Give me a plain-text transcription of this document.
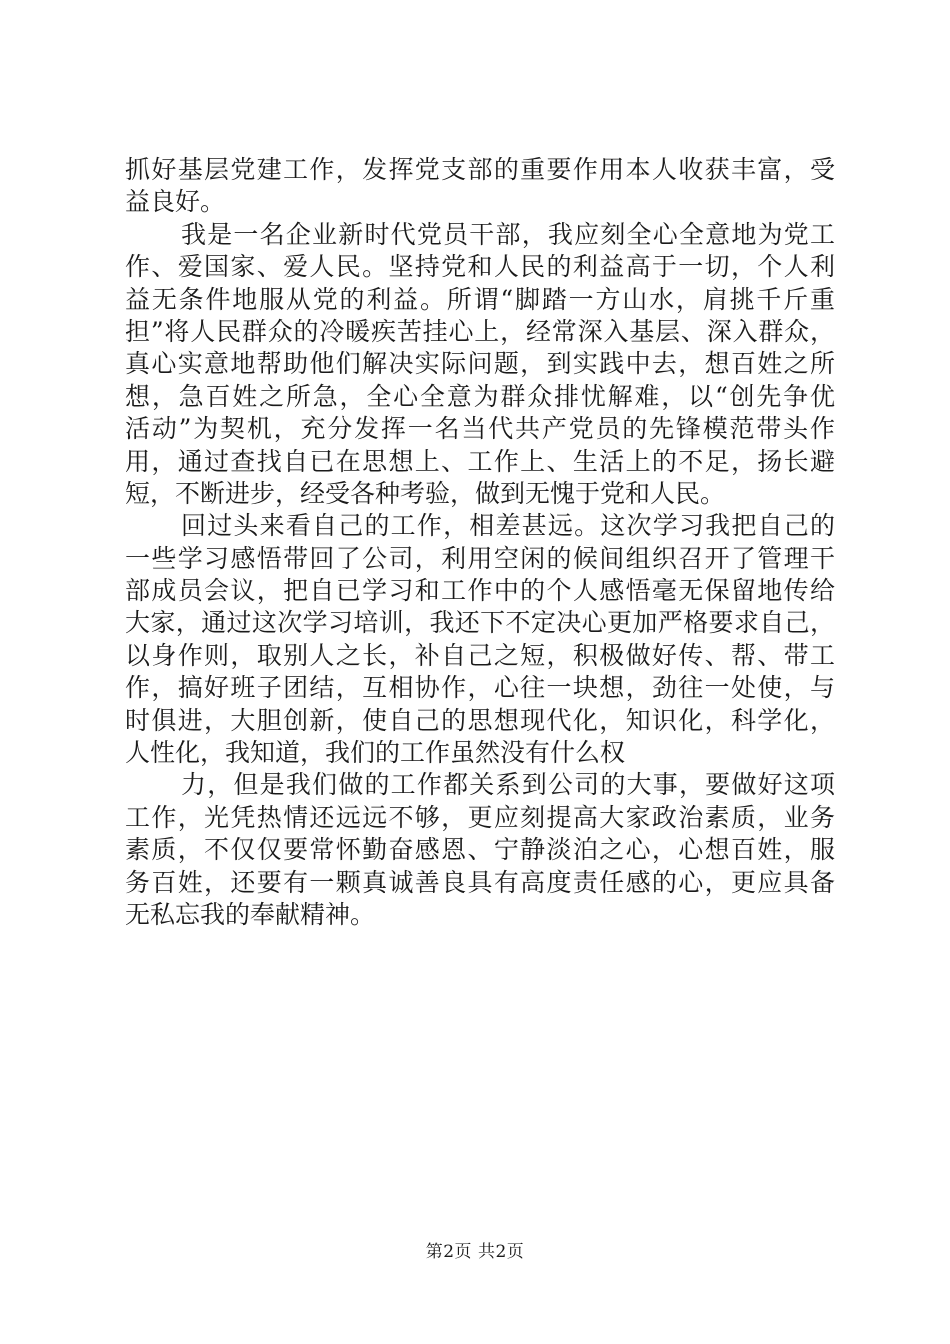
抓好基层党建工作，发挥党支部的重要作用本人收获丰富，受
益良好。
我是一名企业新时代党员干部，我应刻全心全意地为党工
作、爱国家、爱人民。坚持党和人民的利益高于一切，个人利
益无条件地服从党的利益。所谓“脚踏一方山水，肩挑千斤重
担”将人民群众的冷暖疾苦挂心上，经常深入基层、深入群众，
真心实意地帮助他们解决实际问题，到实践中去，想百姓之所
想，急百姓之所急，全心全意为群众排忧解难，以“创先争优
活动”为契机，充分发挥一名当代共产党员的先锋模范带头作
用，通过查找自已在思想上、工作上、生活上的不足，扬长避
短，不断进步，经受各种考验，做到无愧于党和人民。
回过头来看自己的工作，相差甚远。这次学习我把自己的
一些学习感悟带回了公司，利用空闲的候间组织召开了管理干
部成员会议，把自已学习和工作中的个人感悟毫无保留地传给
大家，通过这次学习培训，我还下不定决心更加严格要求自己，
以身作则，取别人之长，补自己之短，积极做好传、帮、带工
作，搞好班子团结，互相协作，心往一块想，劲往一处使，与
时俱进，大胆创新，使自己的思想现代化，知识化，科学化，
人性化，我知道，我们的工作虽然没有什么权
力，但是我们做的工作都关系到公司的大事，要做好这项
工作，光凭热情还远远不够，更应刻提高大家政治素质，业务
素质，不仅仅要常怀勤奋感恩、宁静淡泊之心，心想百姓，服
务百姓，还要有一颗真诚善良具有高度责任感的心，更应具备
无私忘我的奉献精神。
第2页 共2页
